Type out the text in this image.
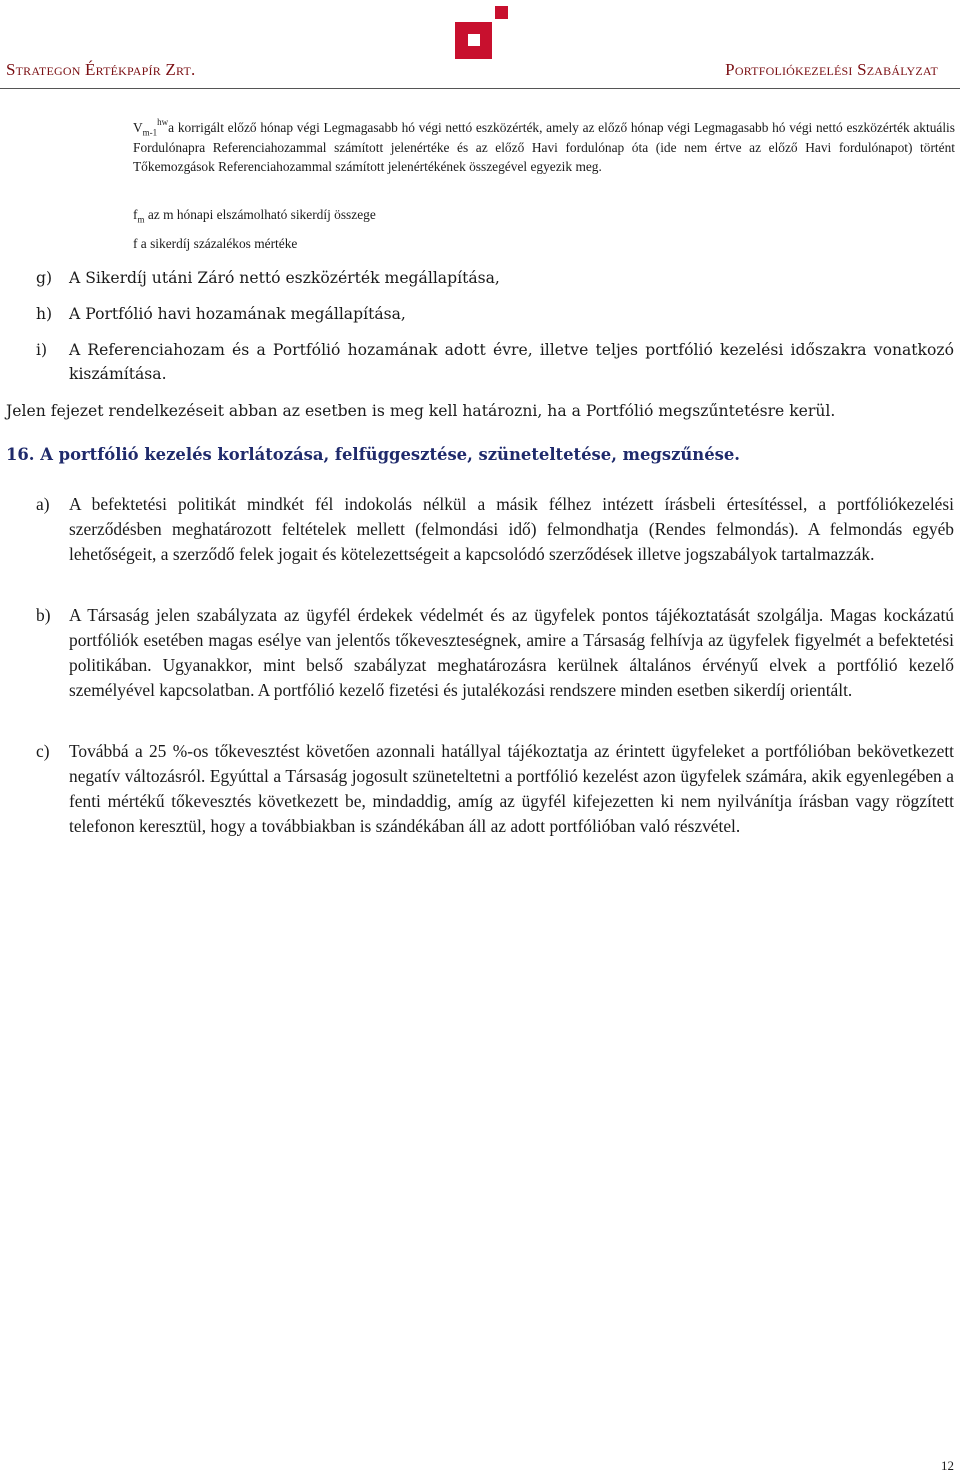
Strategon Értékpapír Zrt.	Portfoliókezelési Szabályzat
$V_{m-1}^{hw}a$ korrigált előző hónap végi Legmagasabb hó végi nettó eszközérték, amely az előző hónap végi Legmagasabb hó végi nettó eszközérték aktuális Fordulónapra Referenciahozammal számított jelenértéke és az előző Havi fordulónap óta (ide nem értve az előző Havi fordulónapot) történt Tőkemozgások Referenciahozammal számított jelenértékének összegével egyezik meg.
$f_m$ az m hónapi elszámolható sikerdíj összege
f a sikerdíj százalékos mértéke
g)	A Sikerdíj utáni Záró nettó eszközérték megállapítása,
h)	A Portfólió havi hozamának megállapítása,
i)	A Referenciahozam és a Portfólió hozamának adott évre, illetve teljes portfólió kezelési időszakra vonatkozó kiszámítása.
Jelen fejezet rendelkezéseit abban az esetben is meg kell határozni, ha a Portfólió megszűntetésre kerül.
16. A portfólió kezelés korlátozása, felfüggesztése, szüneteltetése, megszűnése.
a) A befektetési politikát mindkét fél indokolás nélkül a másik félhez intézett írásbeli értesítéssel, a portfóliókezelési szerződésben meghatározott feltételek mellett (felmondási idő) felmondhatja (Rendes felmondás). A felmondás egyéb lehetőségeit, a szerződő felek jogait és kötelezettségeit a kapcsolódó szerződések illetve jogszabályok tartalmazzák.
b) A Társaság jelen szabályzata az ügyfél érdekek védelmét és az ügyfelek pontos tájékoztatását szolgálja. Magas kockázatú portfóliók esetében magas esélye van jelentős tőkeveszteségnek, amire a Társaság felhívja az ügyfelek figyelmét a befektetési politikában. Ugyanakkor, mint belső szabályzat meghatározásra kerülnek általános érvényű elvek a portfólió kezelő személyével kapcsolatban. A portfólió kezelő fizetési és jutalékozási rendszere minden esetben sikerdíj orientált.
c) Továbbá a 25 %-os tőkevesztést követően azonnali hatállyal tájékoztatja az érintett ügyfeleket a portfólióban bekövetkezett negatív változásról. Egyúttal a Társaság jogosult szüneteltetni a portfólió kezelést azon ügyfelek számára, akik egyenlegében a fenti mértékű tőkevesztés következett be, mindaddig, amíg az ügyfél kifejezetten ki nem nyilvánítja írásban vagy rögzített telefonon keresztül, hogy a továbbiakban is szándékában áll az adott portfólióban való részvétel.
12
